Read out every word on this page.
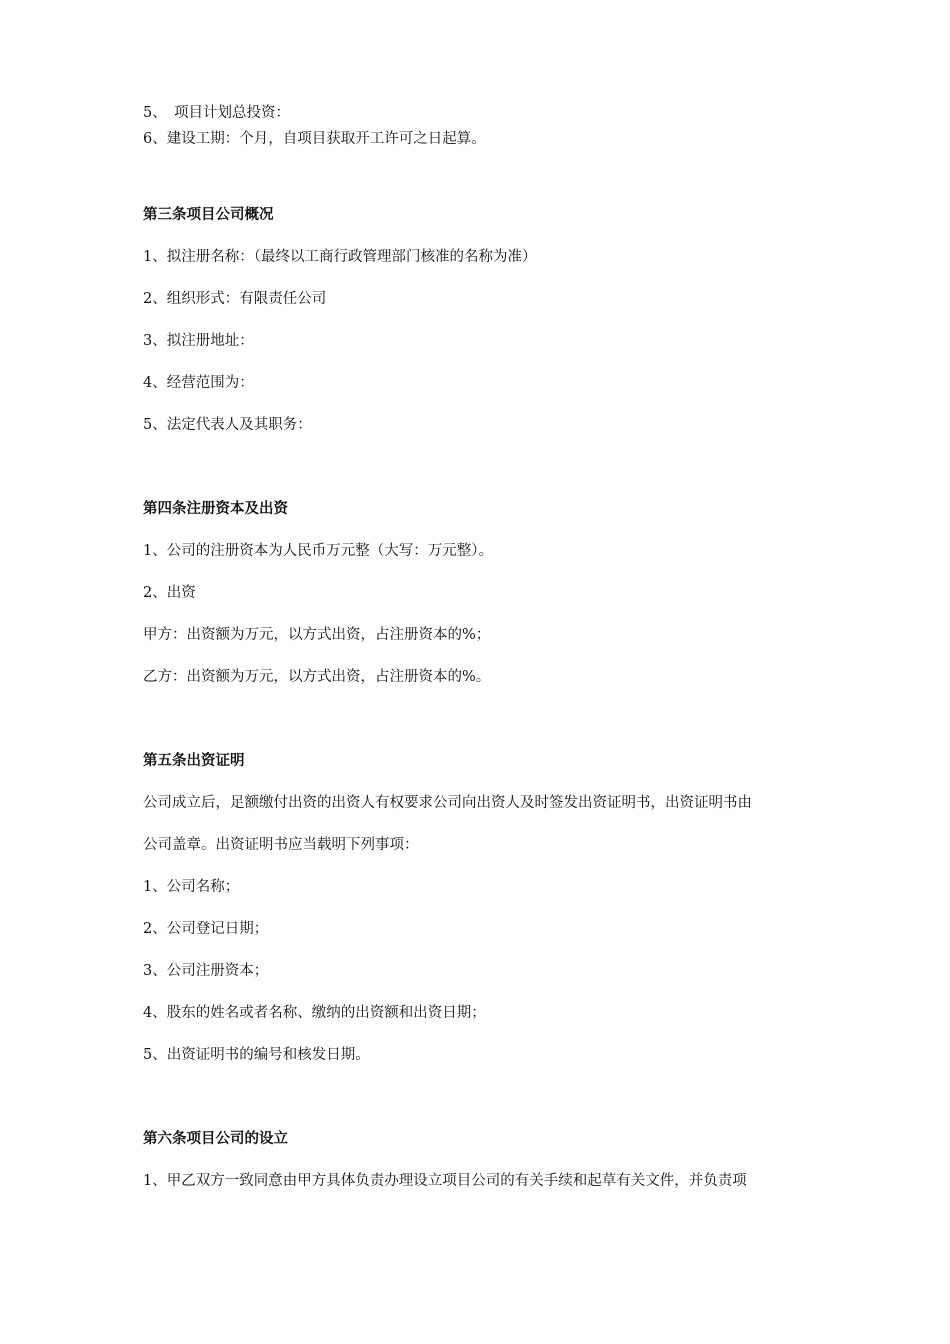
5、　项目计划总投资：
6、建设工期：个月，自项目获取开工许可之日起算。
第三条项目公司概况
1、拟注册名称：（最终以工商行政管理部门核准的名称为准）
2、组织形式：有限责任公司
3、拟注册地址：
4、经营范围为：
5、法定代表人及其职务：
第四条注册资本及出资
1、公司的注册资本为人民币万元整（大写：万元整）。
2、出资
甲方：出资额为万元，以方式出资，占注册资本的%；
乙方：出资额为万元，以方式出资，占注册资本的%。
第五条出资证明
公司成立后，足额缴付出资的出资人有权要求公司向出资人及时签发出资证明书，出资证明书由
公司盖章。出资证明书应当载明下列事项：
1、公司名称；
2、公司登记日期；
3、公司注册资本；
4、股东的姓名或者名称、缴纳的出资额和出资日期；
5、出资证明书的编号和核发日期。
第六条项目公司的设立
1、甲乙双方一致同意由甲方具体负责办理设立项目公司的有关手续和起草有关文件，并负责项
